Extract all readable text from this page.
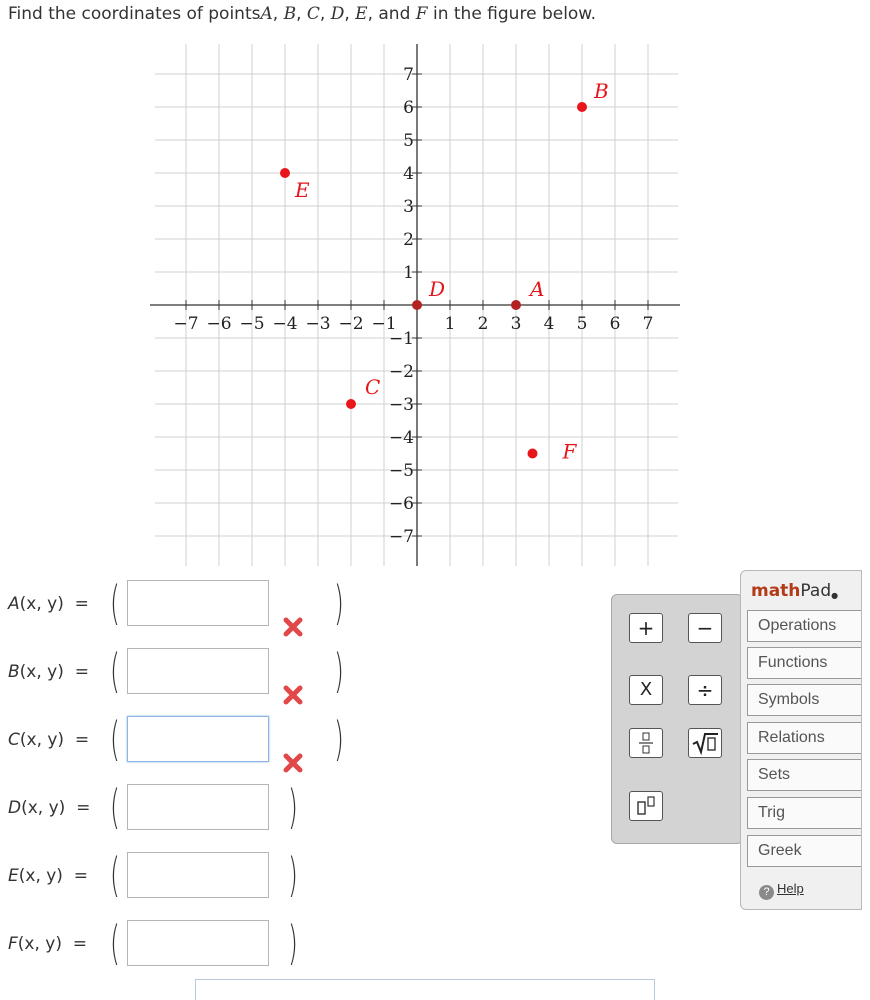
Find the coordinates of pointsA, B, C, D, E, and F in the figure below.
−7 −6 −5 −4 −3 −2 −1	1 2 3 4 5 6 7
7
6
5
4
3
2
1
−1
−2
−3
−4
−5
−6
−7
A
B
C
D
E
F
A(x, y) = (	)
B(x, y) = (	)
C(x, y) = (	)
D(x, y) = (	)
E(x, y) = (	)
F(x, y) = (	)
+	−
X	÷
mathPad●
Operations
Functions
Symbols
Relations
Sets
Trig
Greek
? Help
